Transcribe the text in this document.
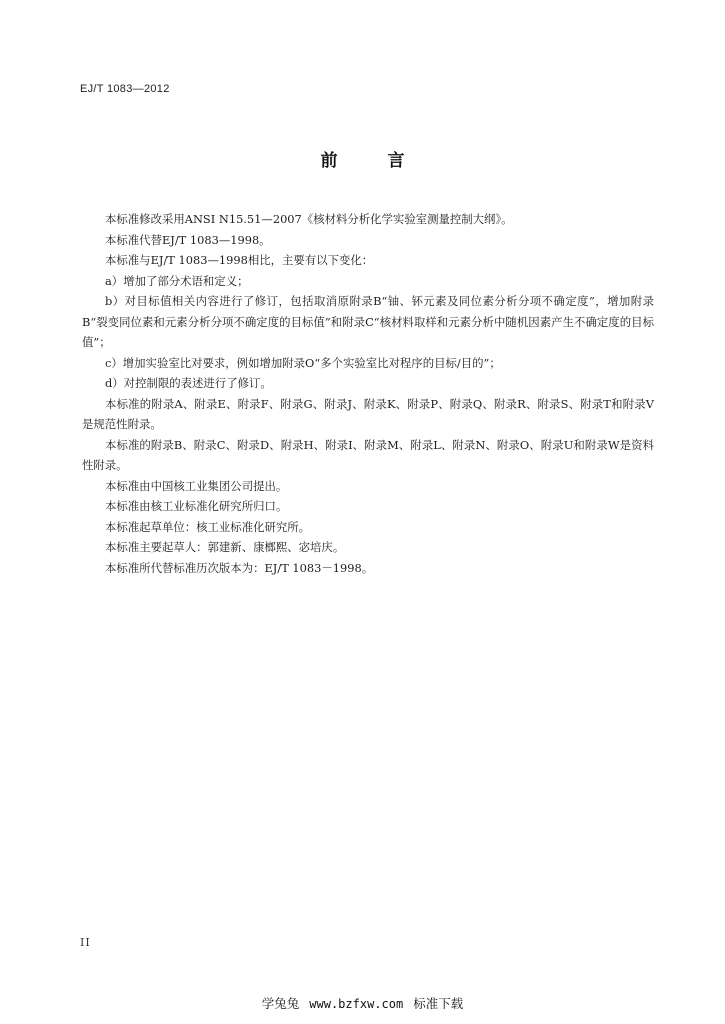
EJ/T 1083—2012
前 言

本标准修改采用ANSI N15.51—2007《核材料分析化学实验室测量控制大纲》。

本标准代替EJ/T 1083—1998。

本标准与EJ/T 1083—1998相比，主要有以下变化：

a）增加了部分术语和定义；

b）对目标值相关内容进行了修订，包括取消原附录B“铀、钚元素及同位素分析分项不确定度”，增加附录B“裂变同位素和元素分析分项不确定度的目标值”和附录C“核材料取样和元素分析中随机因素产生不确定度的目标值”；

c）增加实验室比对要求，例如增加附录O“多个实验室比对程序的目标/目的”；

d）对控制限的表述进行了修订。

本标准的附录A、附录E、附录F、附录G、附录J、附录K、附录P、附录Q、附录R、附录S、附录T和附录V是规范性附录。

本标准的附录B、附录C、附录D、附录H、附录I、附录M、附录L、附录N、附录O、附录U和附录W是资料性附录。

本标准由中国核工业集团公司提出。

本标准由核工业标准化研究所归口。

本标准起草单位：核工业标准化研究所。

本标准主要起草人：郭建新、康榔熙、宓培庆。

本标准所代替标准历次版本为：EJ/T 1083－1998。

II
学兔兔 www.bzfxw.com 标准下载
